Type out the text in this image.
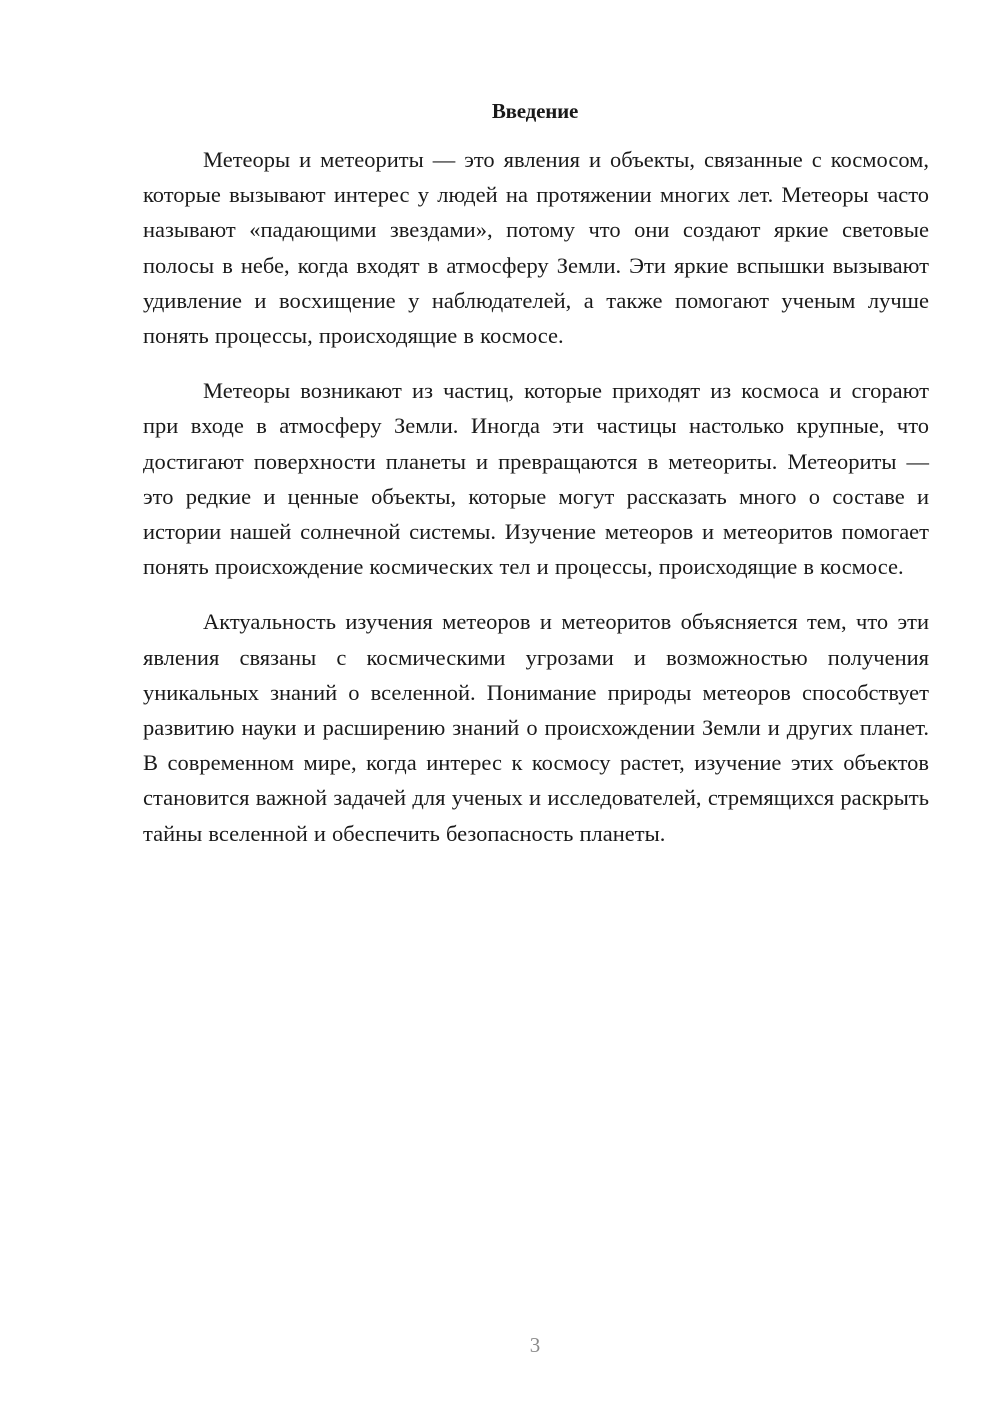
Введение

Метеоры и метеориты — это явления и объекты, связанные с космосом, которые вызывают интерес у людей на протяжении многих лет. Метеоры часто называют «падающими звездами», потому что они создают яркие световые полосы в небе, когда входят в атмосферу Земли. Эти яркие вспышки вызывают удивление и восхищение у наблюдателей, а также помогают ученым лучше понять процессы, происходящие в космосе.

Метеоры возникают из частиц, которые приходят из космоса и сгорают при входе в атмосферу Земли. Иногда эти частицы настолько крупные, что достигают поверхности планеты и превращаются в метеориты. Метеориты — это редкие и ценные объекты, которые могут рассказать много о составе и истории нашей солнечной системы. Изучение метеоров и метеоритов помогает понять происхождение космических тел и процессы, происходящие в космосе.

Актуальность изучения метеоров и метеоритов объясняется тем, что эти явления связаны с космическими угрозами и возможностью получения уникальных знаний о вселенной. Понимание природы метеоров способствует развитию науки и расширению знаний о происхождении Земли и других планет. В современном мире, когда интерес к космосу растет, изучение этих объектов становится важной задачей для ученых и исследователей, стремящихся раскрыть тайны вселенной и обеспечить безопасность планеты.

3
